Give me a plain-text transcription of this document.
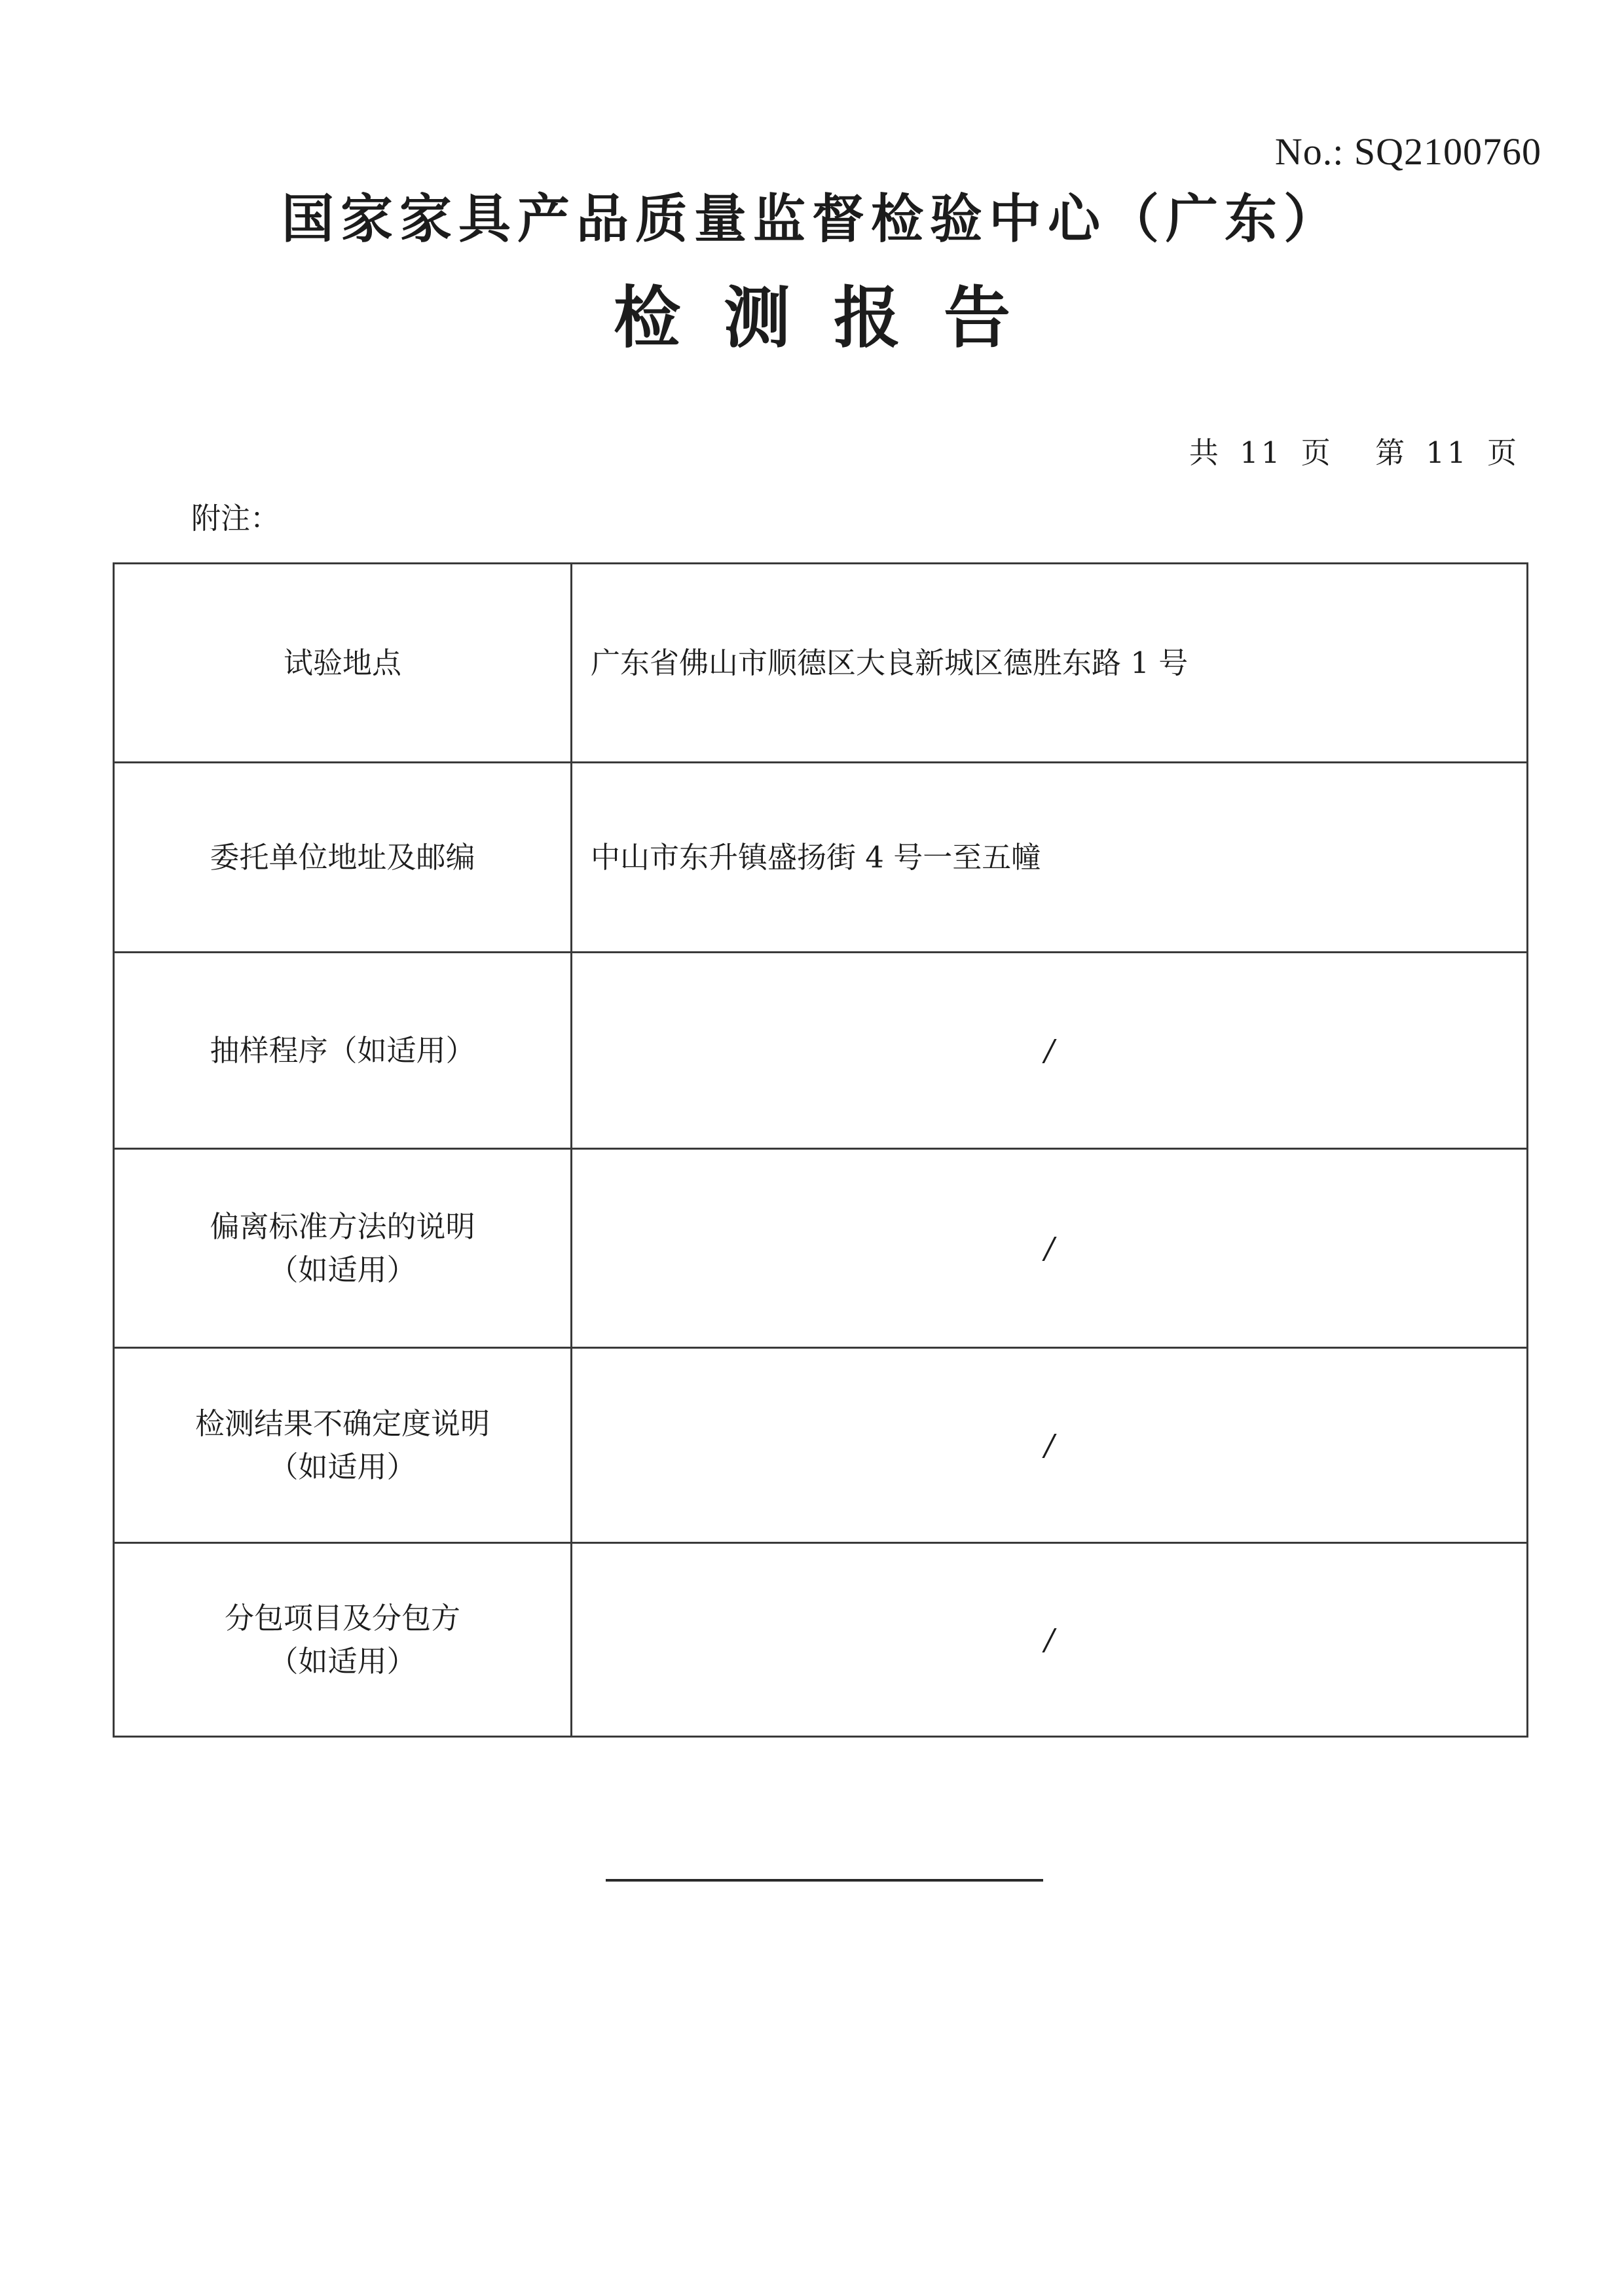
No.: SQ2100760
国家家具产品质量监督检验中心（广东）
检测报告
共 11 页 第 11 页
附注：
试验地点	广东省佛山市顺德区大良新城区德胜东路 1 号
委托单位地址及邮编	中山市东升镇盛扬街 4 号一至五幢
抽样程序（如适用）	/

偏离标准方法的说明
（如适用）	/

检测结果不确定度说明
（如适用）	/

分包项目及分包方
（如适用）	/
